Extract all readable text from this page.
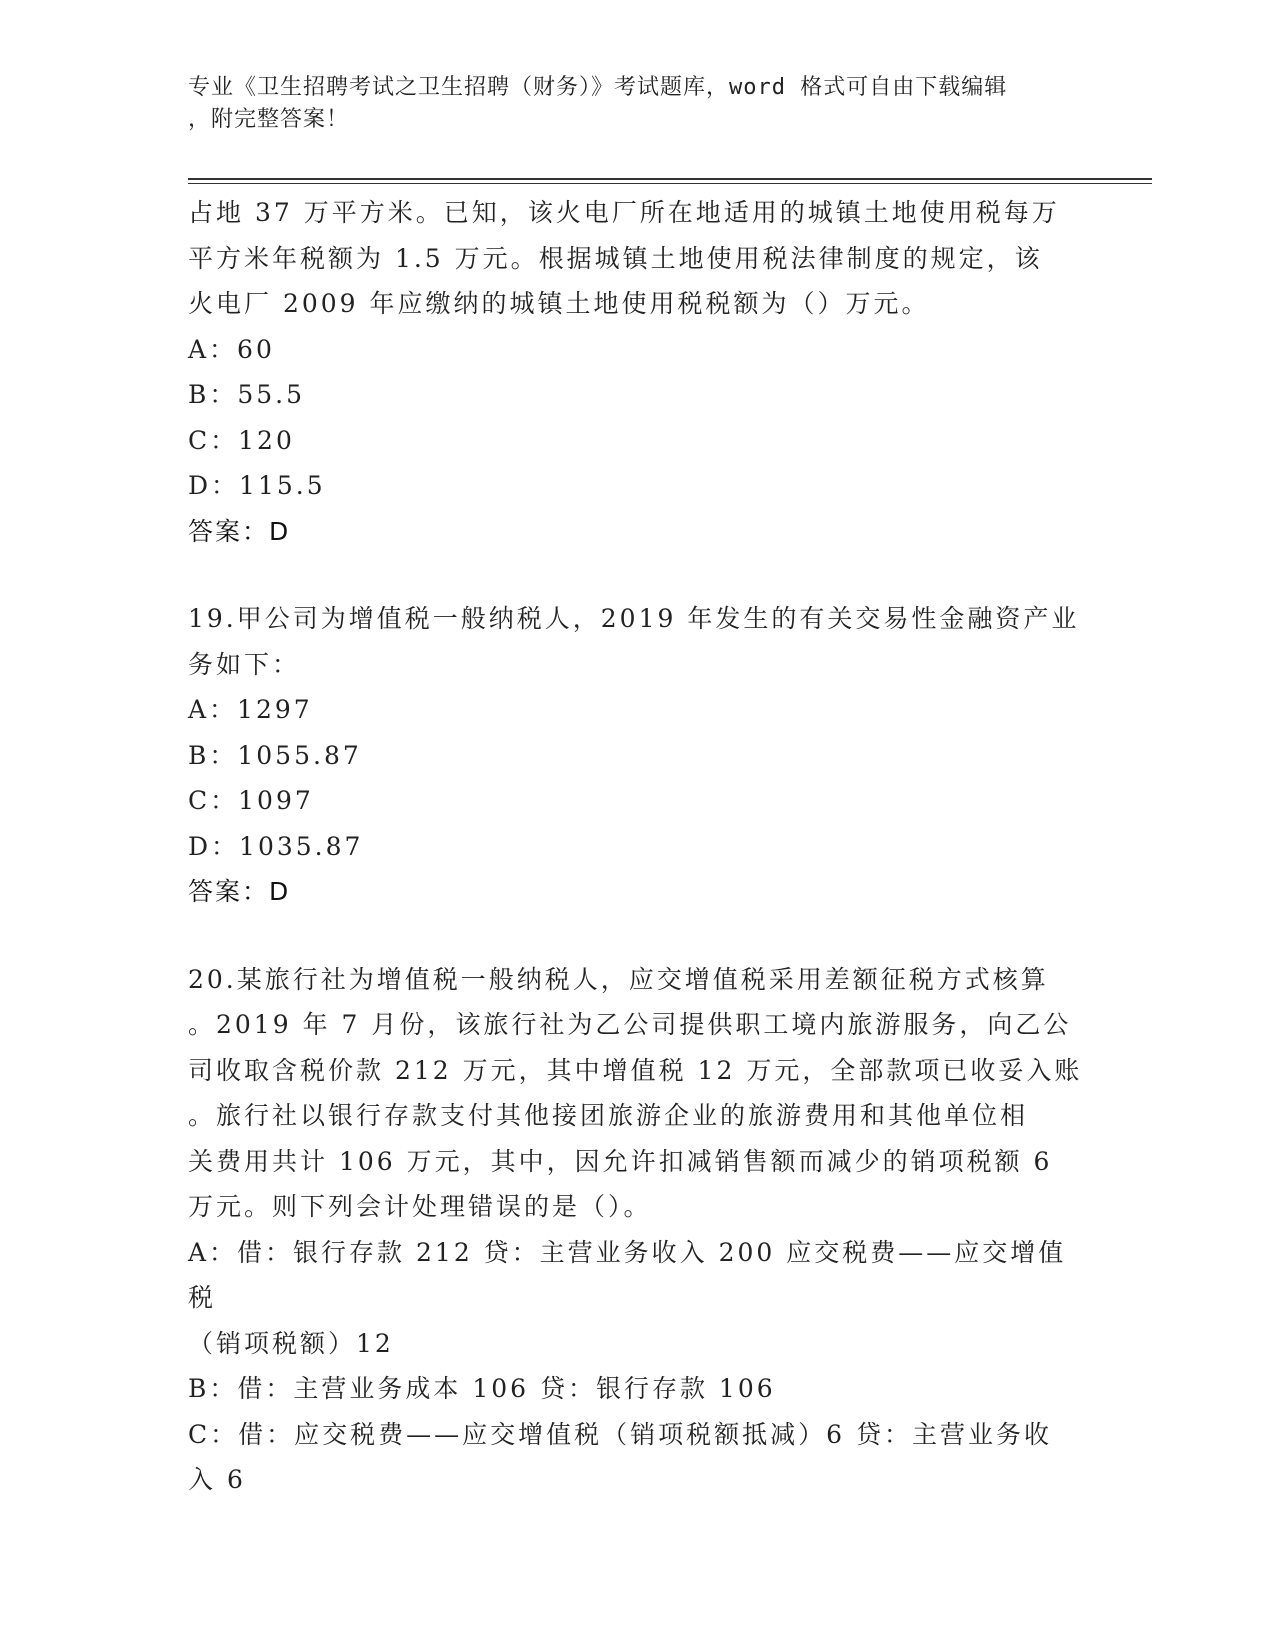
专业《卫生招聘考试之卫生招聘（财务）》考试题库，word 格式可自由下载编辑
，附完整答案！
占地 37 万平方米。已知，该火电厂所在地适用的城镇土地使用税每万
平方米年税额为 1.5 万元。根据城镇土地使用税法律制度的规定，该
火电厂 2009 年应缴纳的城镇土地使用税税额为（）万元。
A：60
B：55.5
C：120
D：115.5
答案：D
19.甲公司为增值税一般纳税人，2019 年发生的有关交易性金融资产业
务如下：
A：1297
B：1055.87
C：1097
D：1035.87
答案：D
20.某旅行社为增值税一般纳税人，应交增值税采用差额征税方式核算
。2019 年 7 月份，该旅行社为乙公司提供职工境内旅游服务，向乙公
司收取含税价款 212 万元，其中增值税 12 万元，全部款项已收妥入账
。旅行社以银行存款支付其他接团旅游企业的旅游费用和其他单位相
关费用共计 106 万元，其中，因允许扣减销售额而减少的销项税额 6
万元。则下列会计处理错误的是（）。
A：借：银行存款 212 贷：主营业务收入 200 应交税费——应交增值税
（销项税额）12
B：借：主营业务成本 106 贷：银行存款 106
C：借：应交税费——应交增值税（销项税额抵减）6 贷：主营业务收
入 6
